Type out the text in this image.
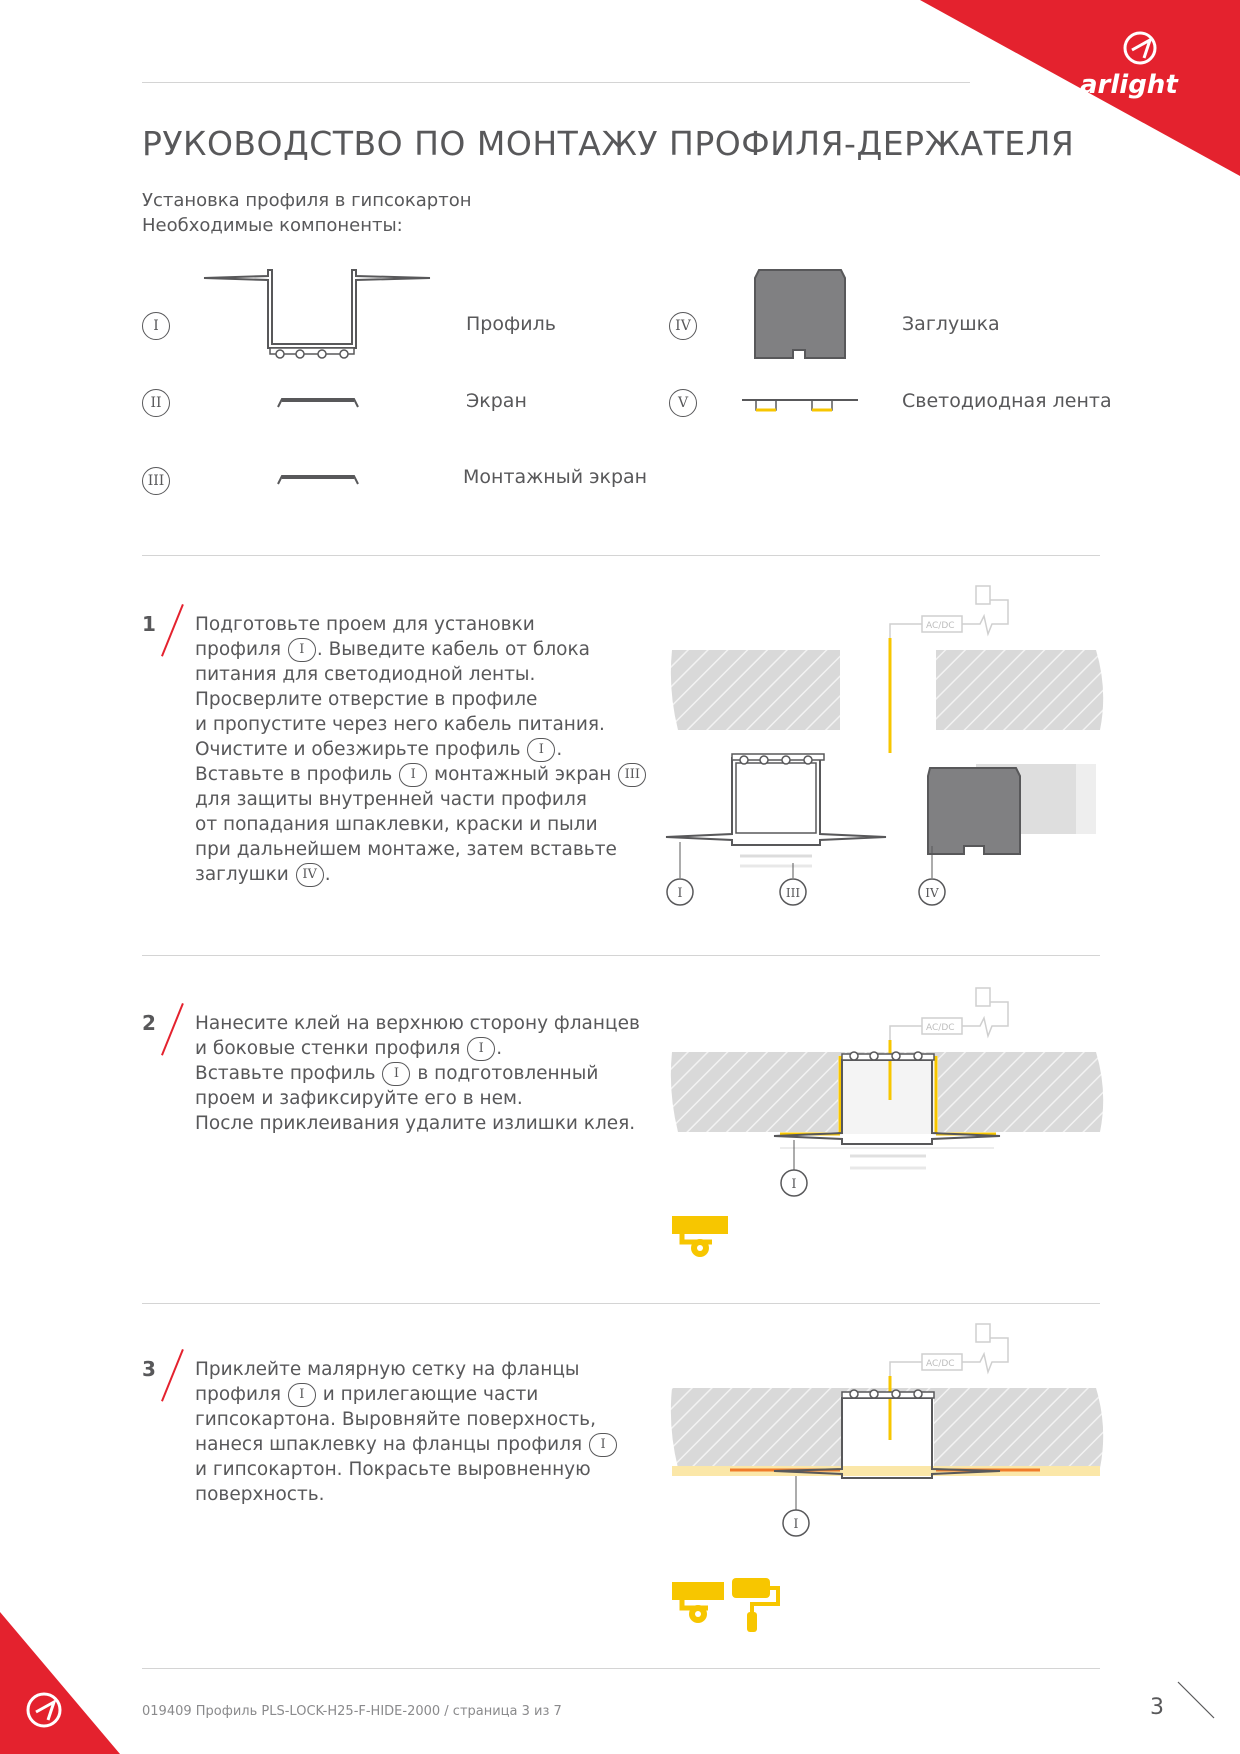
arlight
РУКОВОДСТВО ПО МОНТАЖУ ПРОФИЛЯ-ДЕРЖАТЕЛЯ
Установка профиля в гипсокартон
Необходимые компоненты:
I	Профиль
II	Экран
III	Монтажный экран
IV	Заглушка
V	Светодиодная лента
1 Подготовьте проем для установки
профиля I . Выведите кабель от блока
питания для светодиодной ленты.
Просверлите отверстие в профиле
и пропустите через него кабель питания.
Очистите и обезжирьте профиль I .
Вставьте в профиль I монтажный экран III
для защиты внутренней части профиля
от попадания шпаклевки, краски и пыли
при дальнейшем монтаже, затем вставьте
заглушки IV .
AC/DC
I	III	IV
2 Нанесите клей на верхнюю сторону фланцев
и боковые стенки профиля I .
Вставьте профиль I в подготовленный
проем и зафиксируйте его в нем.
После приклеивания удалите излишки клея.
AC/DC
I
3 Приклейте малярную сетку на фланцы
профиля I и прилегающие части
гипсокартона. Выровняйте поверхность,
нанеся шпаклевку на фланцы профиля I
и гипсокартон. Покрасьте выровненную
поверхность.
AC/DC
I
019409 Профиль PLS-LOCK-H25-F-HIDE-2000 / страница 3 из 7	3
